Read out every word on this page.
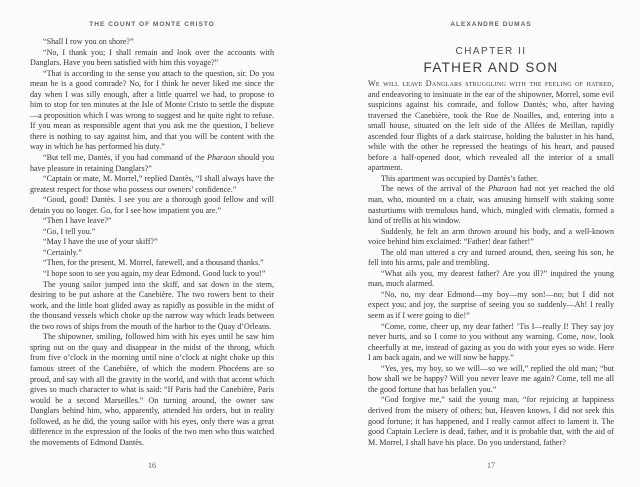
THE COUNT OF MONTE CRISTO

“Shall I row you on shore?”

“No, I thank you; I shall remain and look over the accounts with Danglars. Have you been satisfied with him this voyage?”

“That is according to the sense you attach to the question, sir. Do you mean he is a good comrade? No, for I think he never liked me since the day when I was silly enough, after a little quarrel we had, to propose to him to stop for ten minutes at the Isle of Monte Cristo to settle the dispute—a proposition which I was wrong to suggest and he quite right to refuse. If you mean as responsible agent that you ask me the question, I believe there is nothing to say against him, and that you will be content with the way in which he has performed his duty.”

“But tell me, Dantès, if you had command of the Pharaon should you have pleasure in retaining Danglars?”

“Captain or mate, M. Morrel,” replied Dantès, “I shall always have the greatest respect for those who possess our owners’ confidence.”

“Good, good! Dantès. I see you are a thorough good fellow and will detain you no longer. Go, for I see how impatient you are.”

“Then I have leave?”

“Go, I tell you.”

“May I have the use of your skiff?”

“Certainly.”

“Then, for the present, M. Morrel, farewell, and a thousand thanks.”

“I hope soon to see you again, my dear Edmond. Good luck to you!”

The young sailor jumped into the skiff, and sat down in the stern, desiring to be put ashore at the Canebière. The two rowers bent to their work, and the little boat glided away as rapidly as possible in the midst of the thousand vessels which choke up the narrow way which leads between the two rows of ships from the mouth of the harbor to the Quay d’Orleans.

The shipowner, smiling, followed him with his eyes until he saw him spring out on the quay and disappear in the midst of the throng, which from five o’clock in the morning until nine o’clock at night choke up this famous street of the Canebière, of which the modern Phocéens are so proud, and say with all the gravity in the world, and with that accent which gives so much character to what is said: “If Paris had the Canebière, Paris would be a second Marseilles.” On turning around, the owner saw Danglars behind him, who, apparently, attended his orders, but in reality followed, as he did, the young sailor with his eyes, only there was a great difference in the expression of the looks of the two men who thus watched the movements of Edmond Dantès.

16
ALEXANDRE DUMAS
CHAPTER II
FATHER AND SON

We will leave Danglars struggling with the feeling of hatred, and endeavoring to insinuate in the ear of the shipowner, Morrel, some evil suspicions against his comrade, and follow Dantès; who, after having traversed the Canebière, took the Rue de Noailles, and, entering into a small house, situated on the left side of the Allées de Meillan, rapidly ascended four flights of a dark staircase, holding the baluster in his hand, while with the other he repressed the beatings of his heart, and paused before a half-opened door, which revealed all the interior of a small apartment.

This apartment was occupied by Dantès’s father.

The news of the arrival of the Pharaon had not yet reached the old man, who, mounted on a chair, was amusing himself with staking some nasturtiums with tremulous hand, which, mingled with clematis, formed a kind of trellis at his window.

Suddenly, he felt an arm thrown around his body, and a well-known voice behind him exclaimed: “Father! dear father!”

The old man uttered a cry and turned around, then, seeing his son, he fell into his arms, pale and trembling.

“What ails you, my dearest father? Are you ill?” inquired the young man, much alarmed.

“No, no, my dear Edmond—my boy—my son!—no; but I did not expect you; and joy, the surprise of seeing you so suddenly—Ah! I really seem as if I were going to die!”

“Come, come, cheer up, my dear father! ’Tis I—really I! They say joy never hurts, and so I come to you without any warning. Come, now, look cheerfully at me, instead of gazing as you do with your eyes so wide. Here I am back again, and we will now be happy.”

“Yes, yes, my boy, so we will—so we will,” replied the old man; “but how shall we be happy? Will you never leave me again? Come, tell me all the good fortune that has befallen you.”

“God forgive me,” said the young man, “for rejoicing at happiness derived from the misery of others; but, Heaven knows, I did not seek this good fortune; it has happened, and I really cannot affect to lament it. The good Captain Leclere is dead, father, and it is probable that, with the aid of M. Morrel, I shall have his place. Do you understand, father?

17
